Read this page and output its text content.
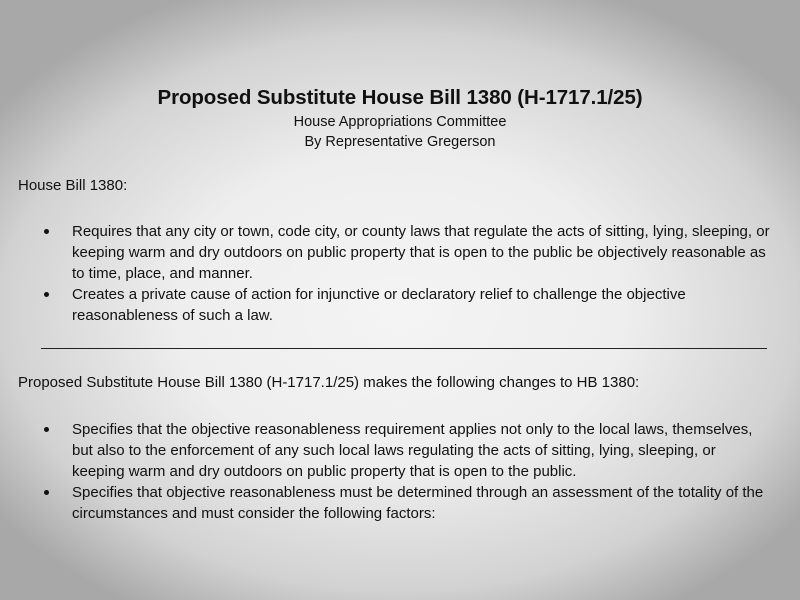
Proposed Substitute House Bill 1380 (H-1717.1/25)

House Appropriations Committee

By Representative Gregerson

House Bill 1380:

Requires that any city or town, code city, or county laws that regulate the acts of sitting, lying, sleeping, or keeping warm and dry outdoors on public property that is open to the public be objectively reasonable as to time, place, and manner.
Creates a private cause of action for injunctive or declaratory relief to challenge the objective reasonableness of such a law.

Proposed Substitute House Bill 1380 (H-1717.1/25) makes the following changes to HB 1380:

Specifies that the objective reasonableness requirement applies not only to the local laws, themselves, but also to the enforcement of any such local laws regulating the acts of sitting, lying, sleeping, or keeping warm and dry outdoors on public property that is open to the public.
Specifies that objective reasonableness must be determined through an assessment of the totality of the circumstances and must consider the following factors:
